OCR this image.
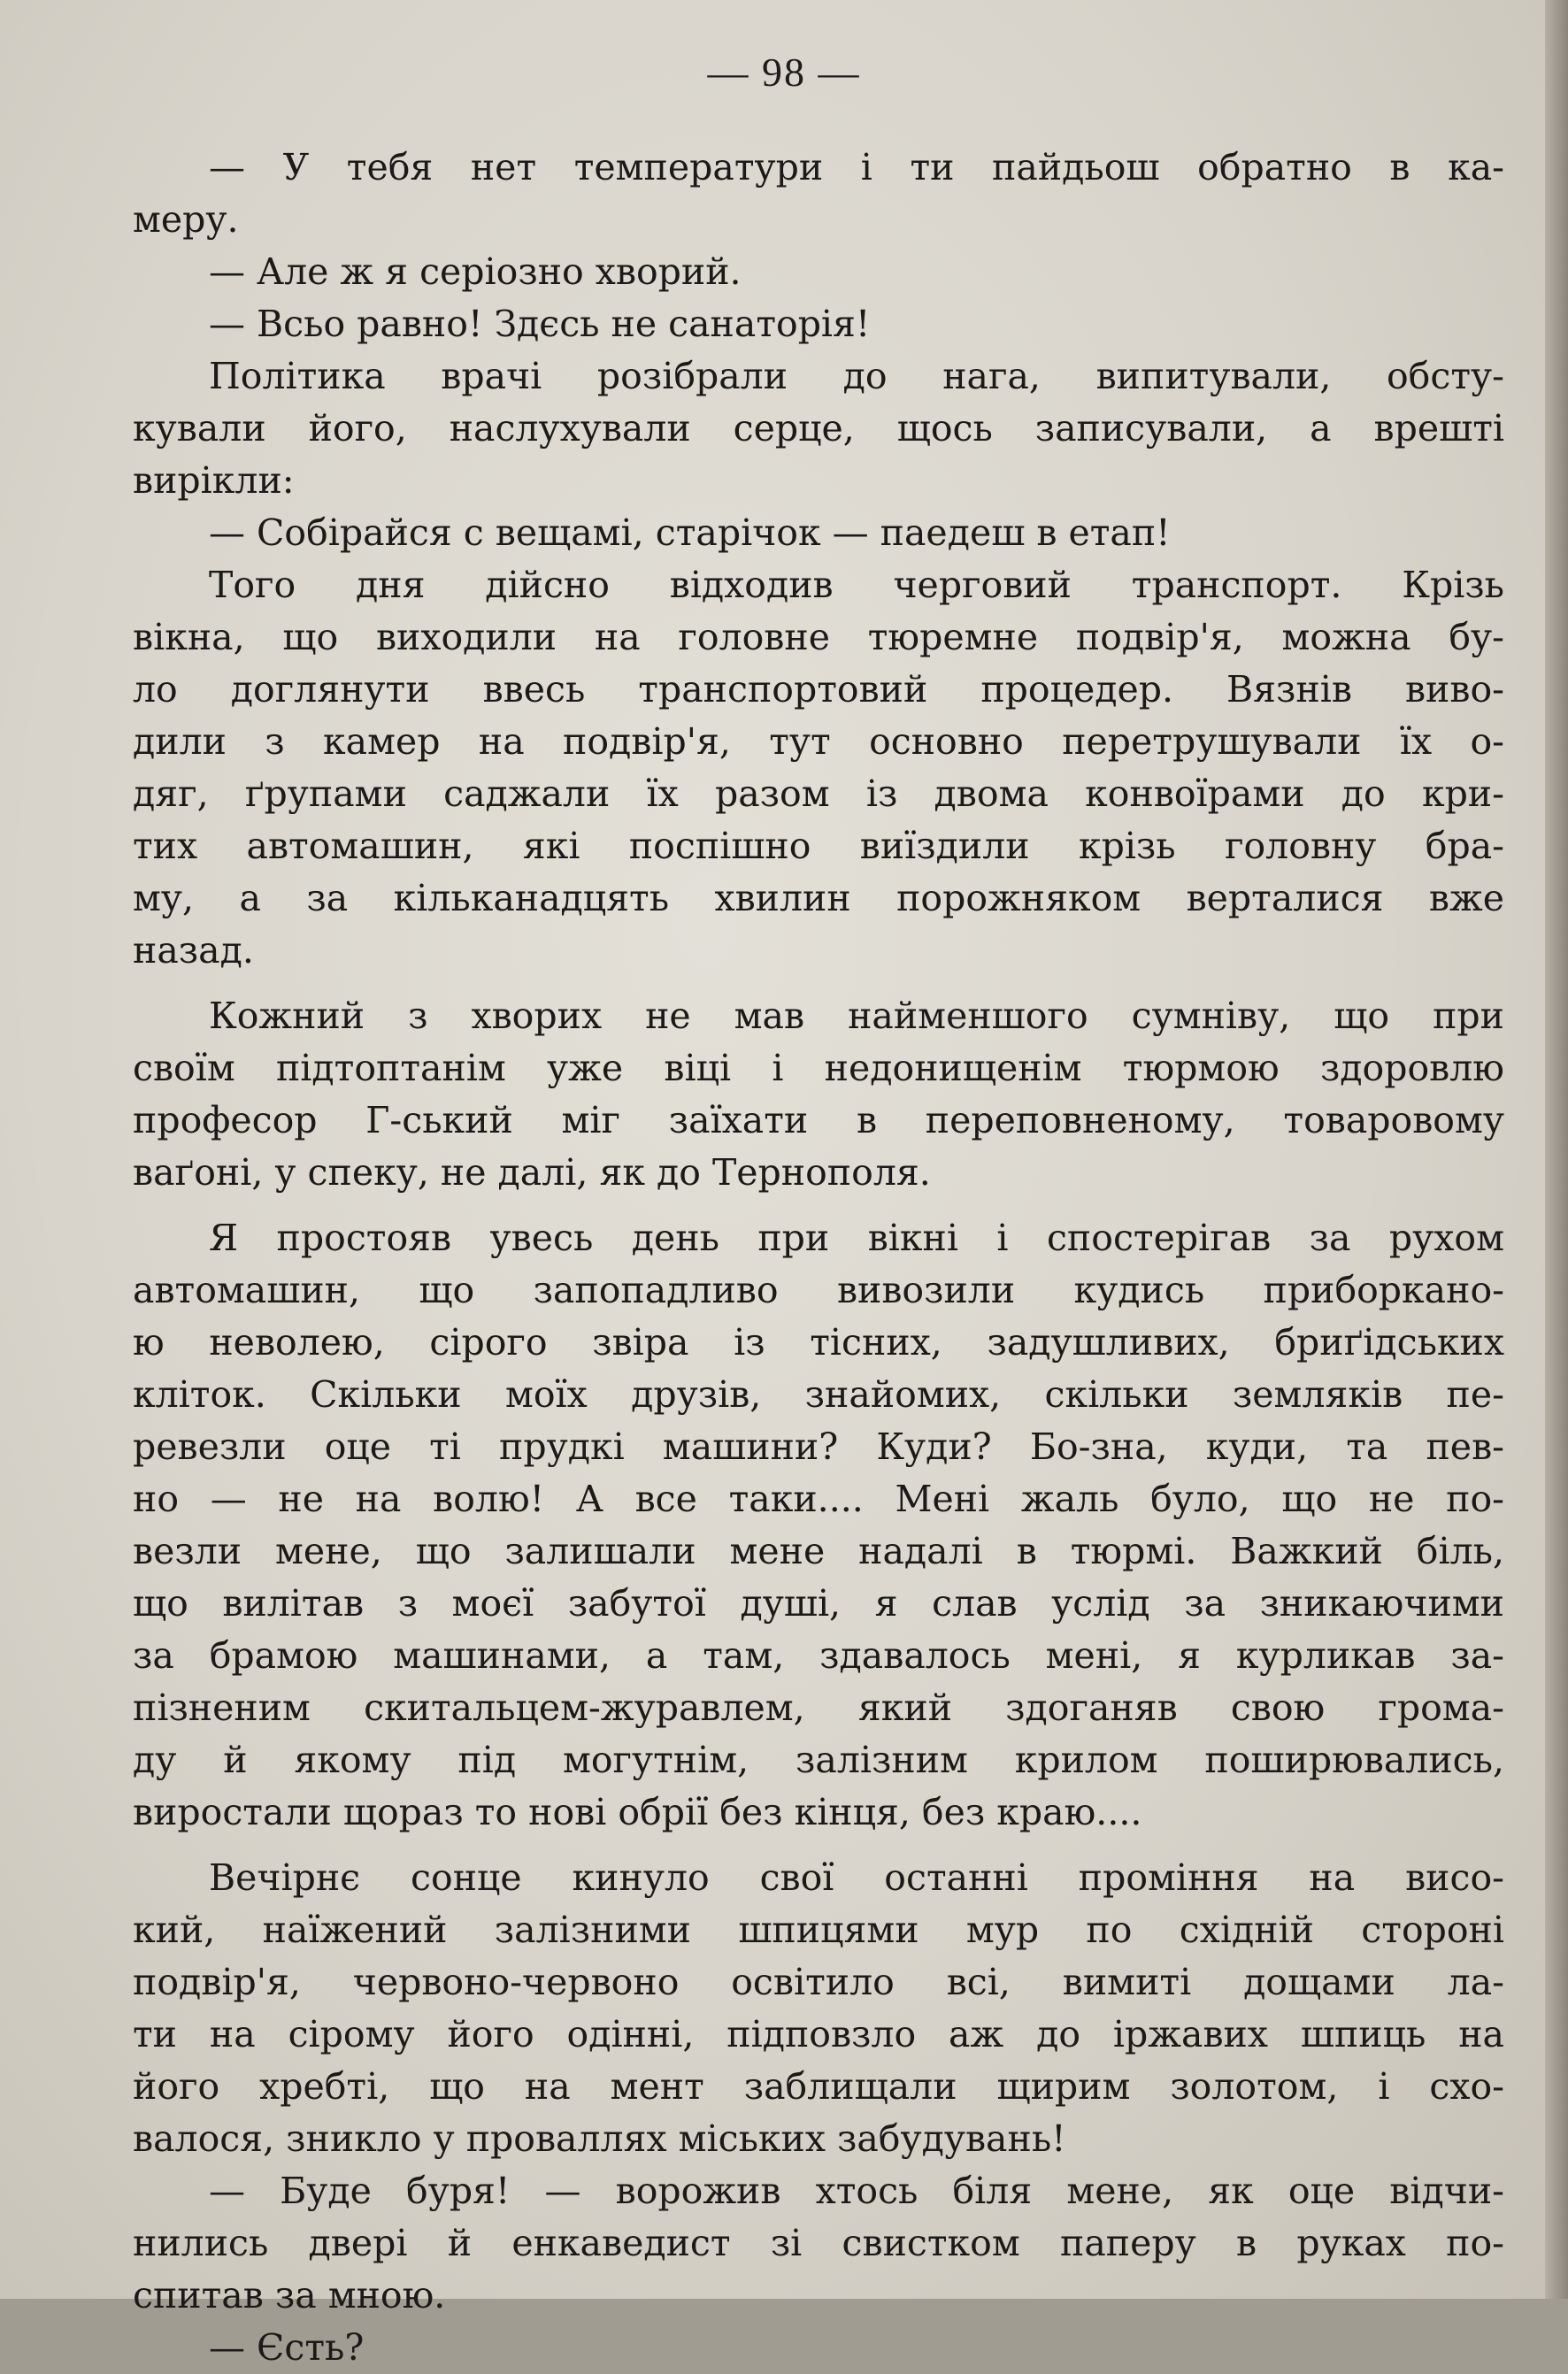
— 98 —
— У тебя нет температури і ти пайдьош обратно в ка-
меру.
— Але ж я серіозно хворий.
— Всьо равно! Здєсь не санаторія!
Політика врачі розібрали до нага, випитували, обсту-
кували його, наслухували серце, щось записували, а врешті
вирікли:
— Собірайся с вещамі, старічок — паедеш в етап!
Того дня дійсно відходив черговий транспорт. Крізь
вікна, що виходили на головне тюремне подвір'я, можна бу-
ло доглянути ввесь транспортовий процедер. Вязнів виво-
дили з камер на подвір'я, тут основно перетрушували їх о-
дяг, ґрупами саджали їх разом із двома конвоїрами до кри-
тих автомашин, які поспішно виїздили крізь головну бра-
му, а за кільканадцять хвилин порожняком верталися вже
назад.
Кожний з хворих не мав найменшого сумніву, що при
своїм підтоптанім уже віці і недонищенім тюрмою здоровлю
професор Г-ський міг заїхати в переповненому, товаровому
ваґоні, у спеку, не далі, як до Тернополя.
Я простояв увесь день при вікні і спостерігав за рухом
автомашин, що запопадливо вивозили кудись приборкано-
ю неволею, сірого звіра із тісних, задушливих, бриґідських
кліток. Скільки моїх друзів, знайомих, скільки земляків пе-
ревезли оце ті прудкі машини? Куди? Бо-зна, куди, та пев-
но — не на волю! А все таки.... Мені жаль було, що не по-
везли мене, що залишали мене надалі в тюрмі. Важкий біль,
що вилітав з моєї забутої душі, я слав услід за зникаючими
за брамою машинами, а там, здавалось мені, я курликав за-
пізненим скитальцем-журавлем, який здоганяв свою грома-
ду й якому під могутнім, залізним крилом поширювались,
виростали щораз то нові обрії без кінця, без краю....
Вечірнє сонце кинуло свої останні проміння на висо-
кий, наїжений залізними шпицями мур по східній стороні
подвір'я, червоно-червоно освітило всі, вимиті дощами ла-
ти на сірому його одінні, підповзло аж до іржавих шпиць на
його хребті, що на мент заблищали щирим золотом, і схо-
валося, зникло у проваллях міських забудувань!
— Буде буря! — ворожив хтось біля мене, як оце відчи-
нились двері й енкаведист зі свистком паперу в руках по-
спитав за мною.
— Єсть?
